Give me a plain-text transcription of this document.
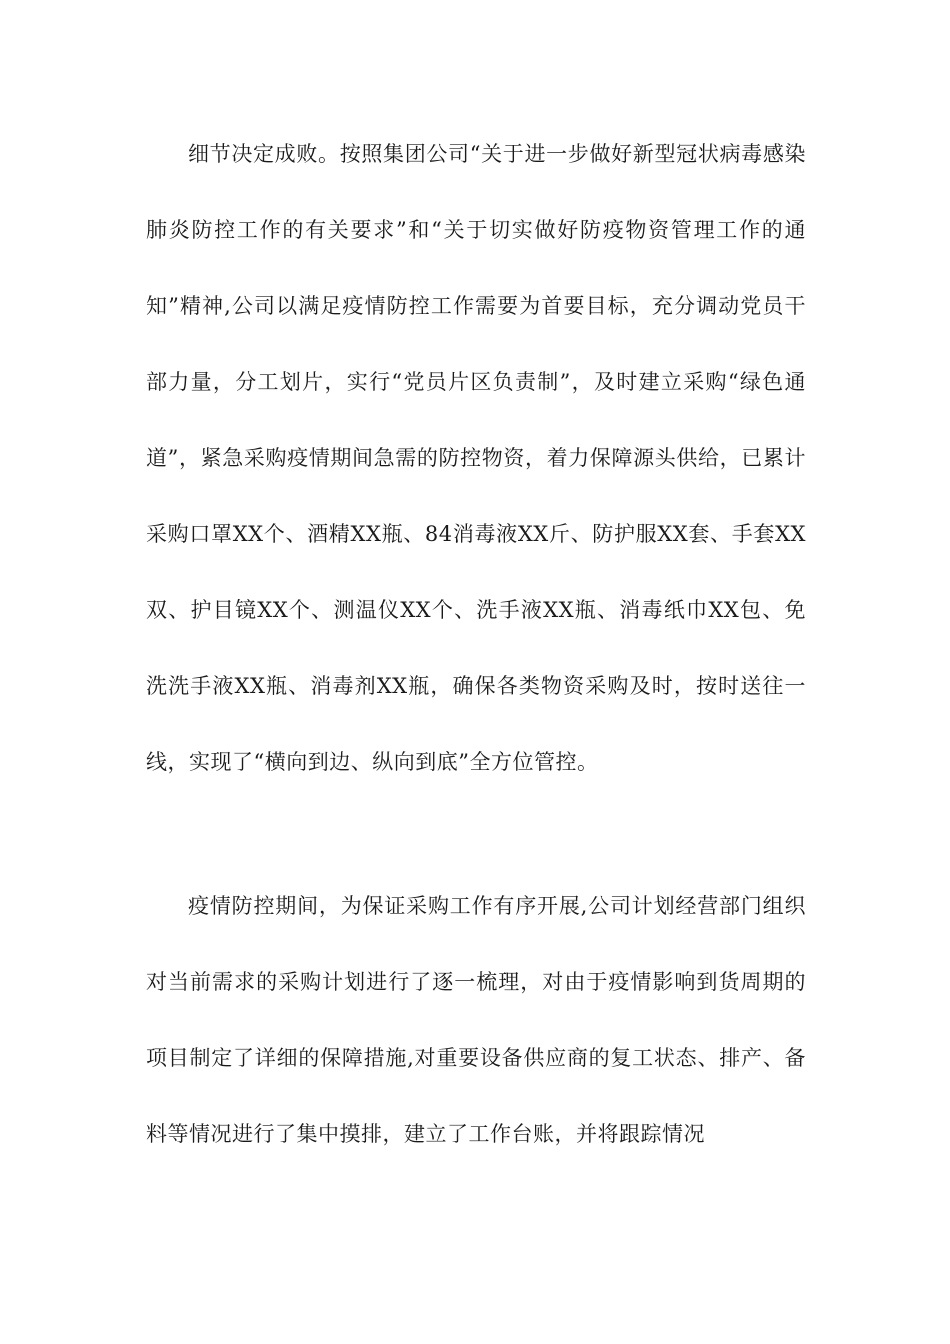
细节决定成败。按照集团公司“关于进一步做好新型冠状病毒感染肺炎防控工作的有关要求”和“关于切实做好防疫物资管理工作的通知”精神,公司以满足疫情防控工作需要为首要目标，充分调动党员干部力量，分工划片，实行“党员片区负责制”，及时建立采购“绿色通道”，紧急采购疫情期间急需的防控物资，着力保障源头供给，已累计采购口罩XX个、酒精XX瓶、84消毒液XX斤、防护服XX套、手套XX双、护目镜XX个、测温仪XX个、洗手液XX瓶、消毒纸巾XX包、免洗洗手液XX瓶、消毒剂XX瓶，确保各类物资采购及时，按时送往一线，实现了“横向到边、纵向到底”全方位管控。

疫情防控期间，为保证采购工作有序开展,公司计划经营部门组织对当前需求的采购计划进行了逐一梳理，对由于疫情影响到货周期的项目制定了详细的保障措施,对重要设备供应商的复工状态、排产、备料等情况进行了集中摸排，建立了工作台账，并将跟踪情况
